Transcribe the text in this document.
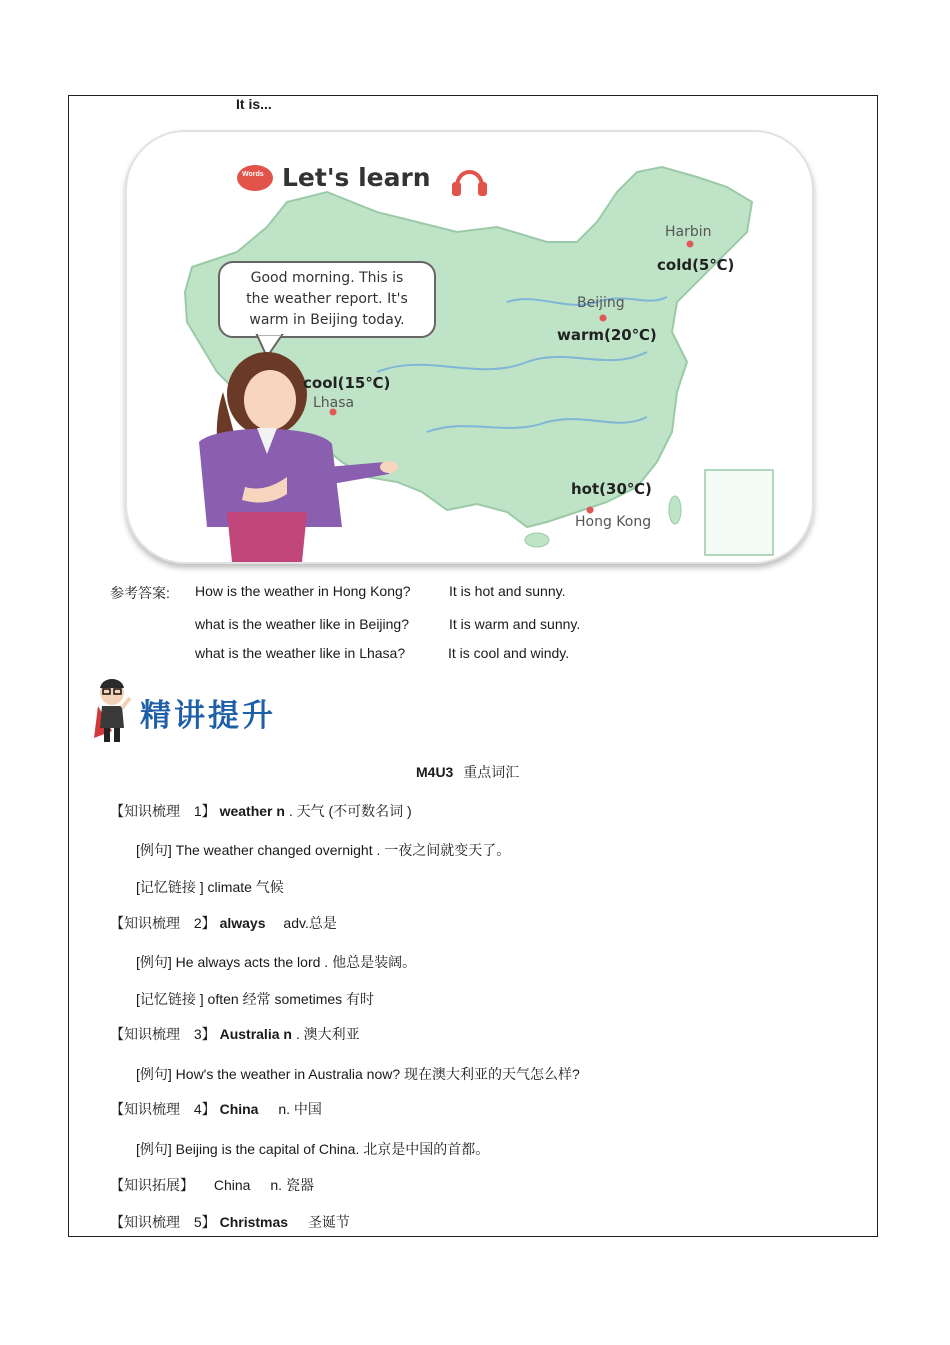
It is...
Words Let's learn
Good morning. This is
the weather report. It's
warm in Beijing today.
Harbin
cold(5℃)
Beijing
warm(20℃)
cool(15℃)
Lhasa
hot(30℃)
Hong Kong
参考答案: How is the weather in Hong Kong?	It is hot and sunny.
what is the weather like in Beijing?	It is warm and sunny.
what is the weather like in Lhasa?	It is cool and windy.
精讲提升
M4U3 重点词汇
【知识梳理 1】 weather n . 天气 (不可数名词 )
[例句] The weather changed overnight . 一夜之间就变天了。
[记忆链接 ] climate 气候
【知识梳理 2】 always adv.总是
[例句] He always acts the lord . 他总是装阔。
[记忆链接 ] often 经常 sometimes 有时
【知识梳理 3】 Australia n . 澳大利亚
[例句] How's the weather in Australia now? 现在澳大利亚的天气怎么样?
【知识梳理 4】 China n. 中国
[例句] Beijing is the capital of China. 北京是中国的首都。
【知识拓展】 China n. 瓷器
【知识梳理 5】 Christmas 圣诞节
